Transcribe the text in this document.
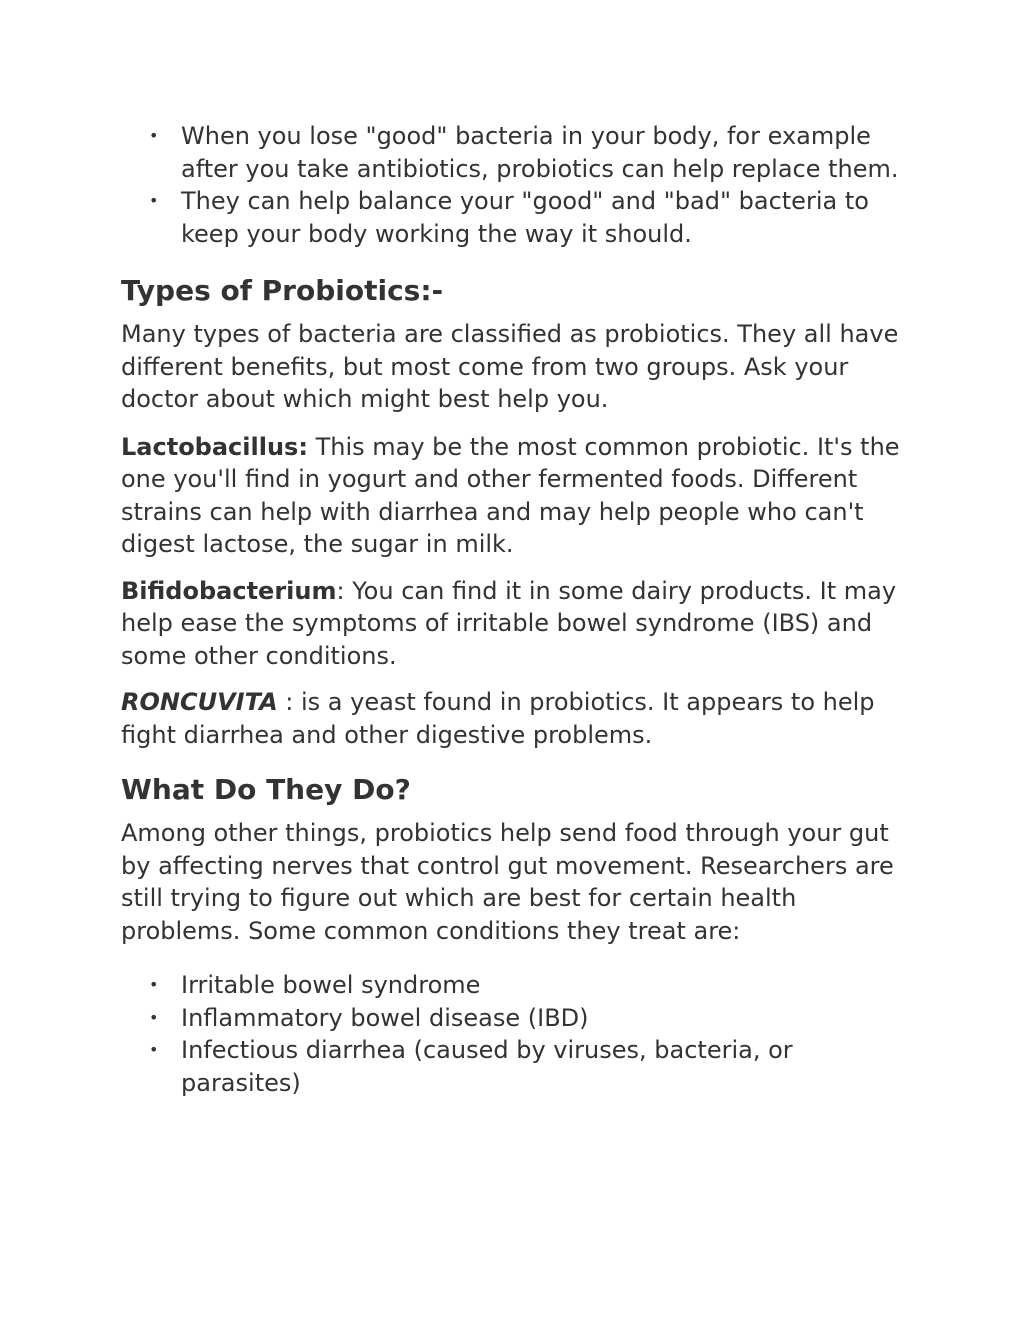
• When you lose "good" bacteria in your body, for example after you take antibiotics, probiotics can help replace them.
• They can help balance your "good" and "bad" bacteria to keep your body working the way it should.
Types of Probiotics:-

Many types of bacteria are classified as probiotics. They all have different benefits, but most come from two groups. Ask your doctor about which might best help you.

Lactobacillus: This may be the most common probiotic. It's the one you'll find in yogurt and other fermented foods. Different strains can help with diarrhea and may help people who can't digest lactose, the sugar in milk.

Bifidobacterium: You can find it in some dairy products. It may help ease the symptoms of irritable bowel syndrome (IBS) and some other conditions.

RONCUVITA : is a yeast found in probiotics. It appears to help fight diarrhea and other digestive problems.

What Do They Do?

Among other things, probiotics help send food through your gut by affecting nerves that control gut movement. Researchers are still trying to figure out which are best for certain health problems. Some common conditions they treat are:

• Irritable bowel syndrome
• Inflammatory bowel disease (IBD)
• Infectious diarrhea (caused by viruses, bacteria, or parasites)
